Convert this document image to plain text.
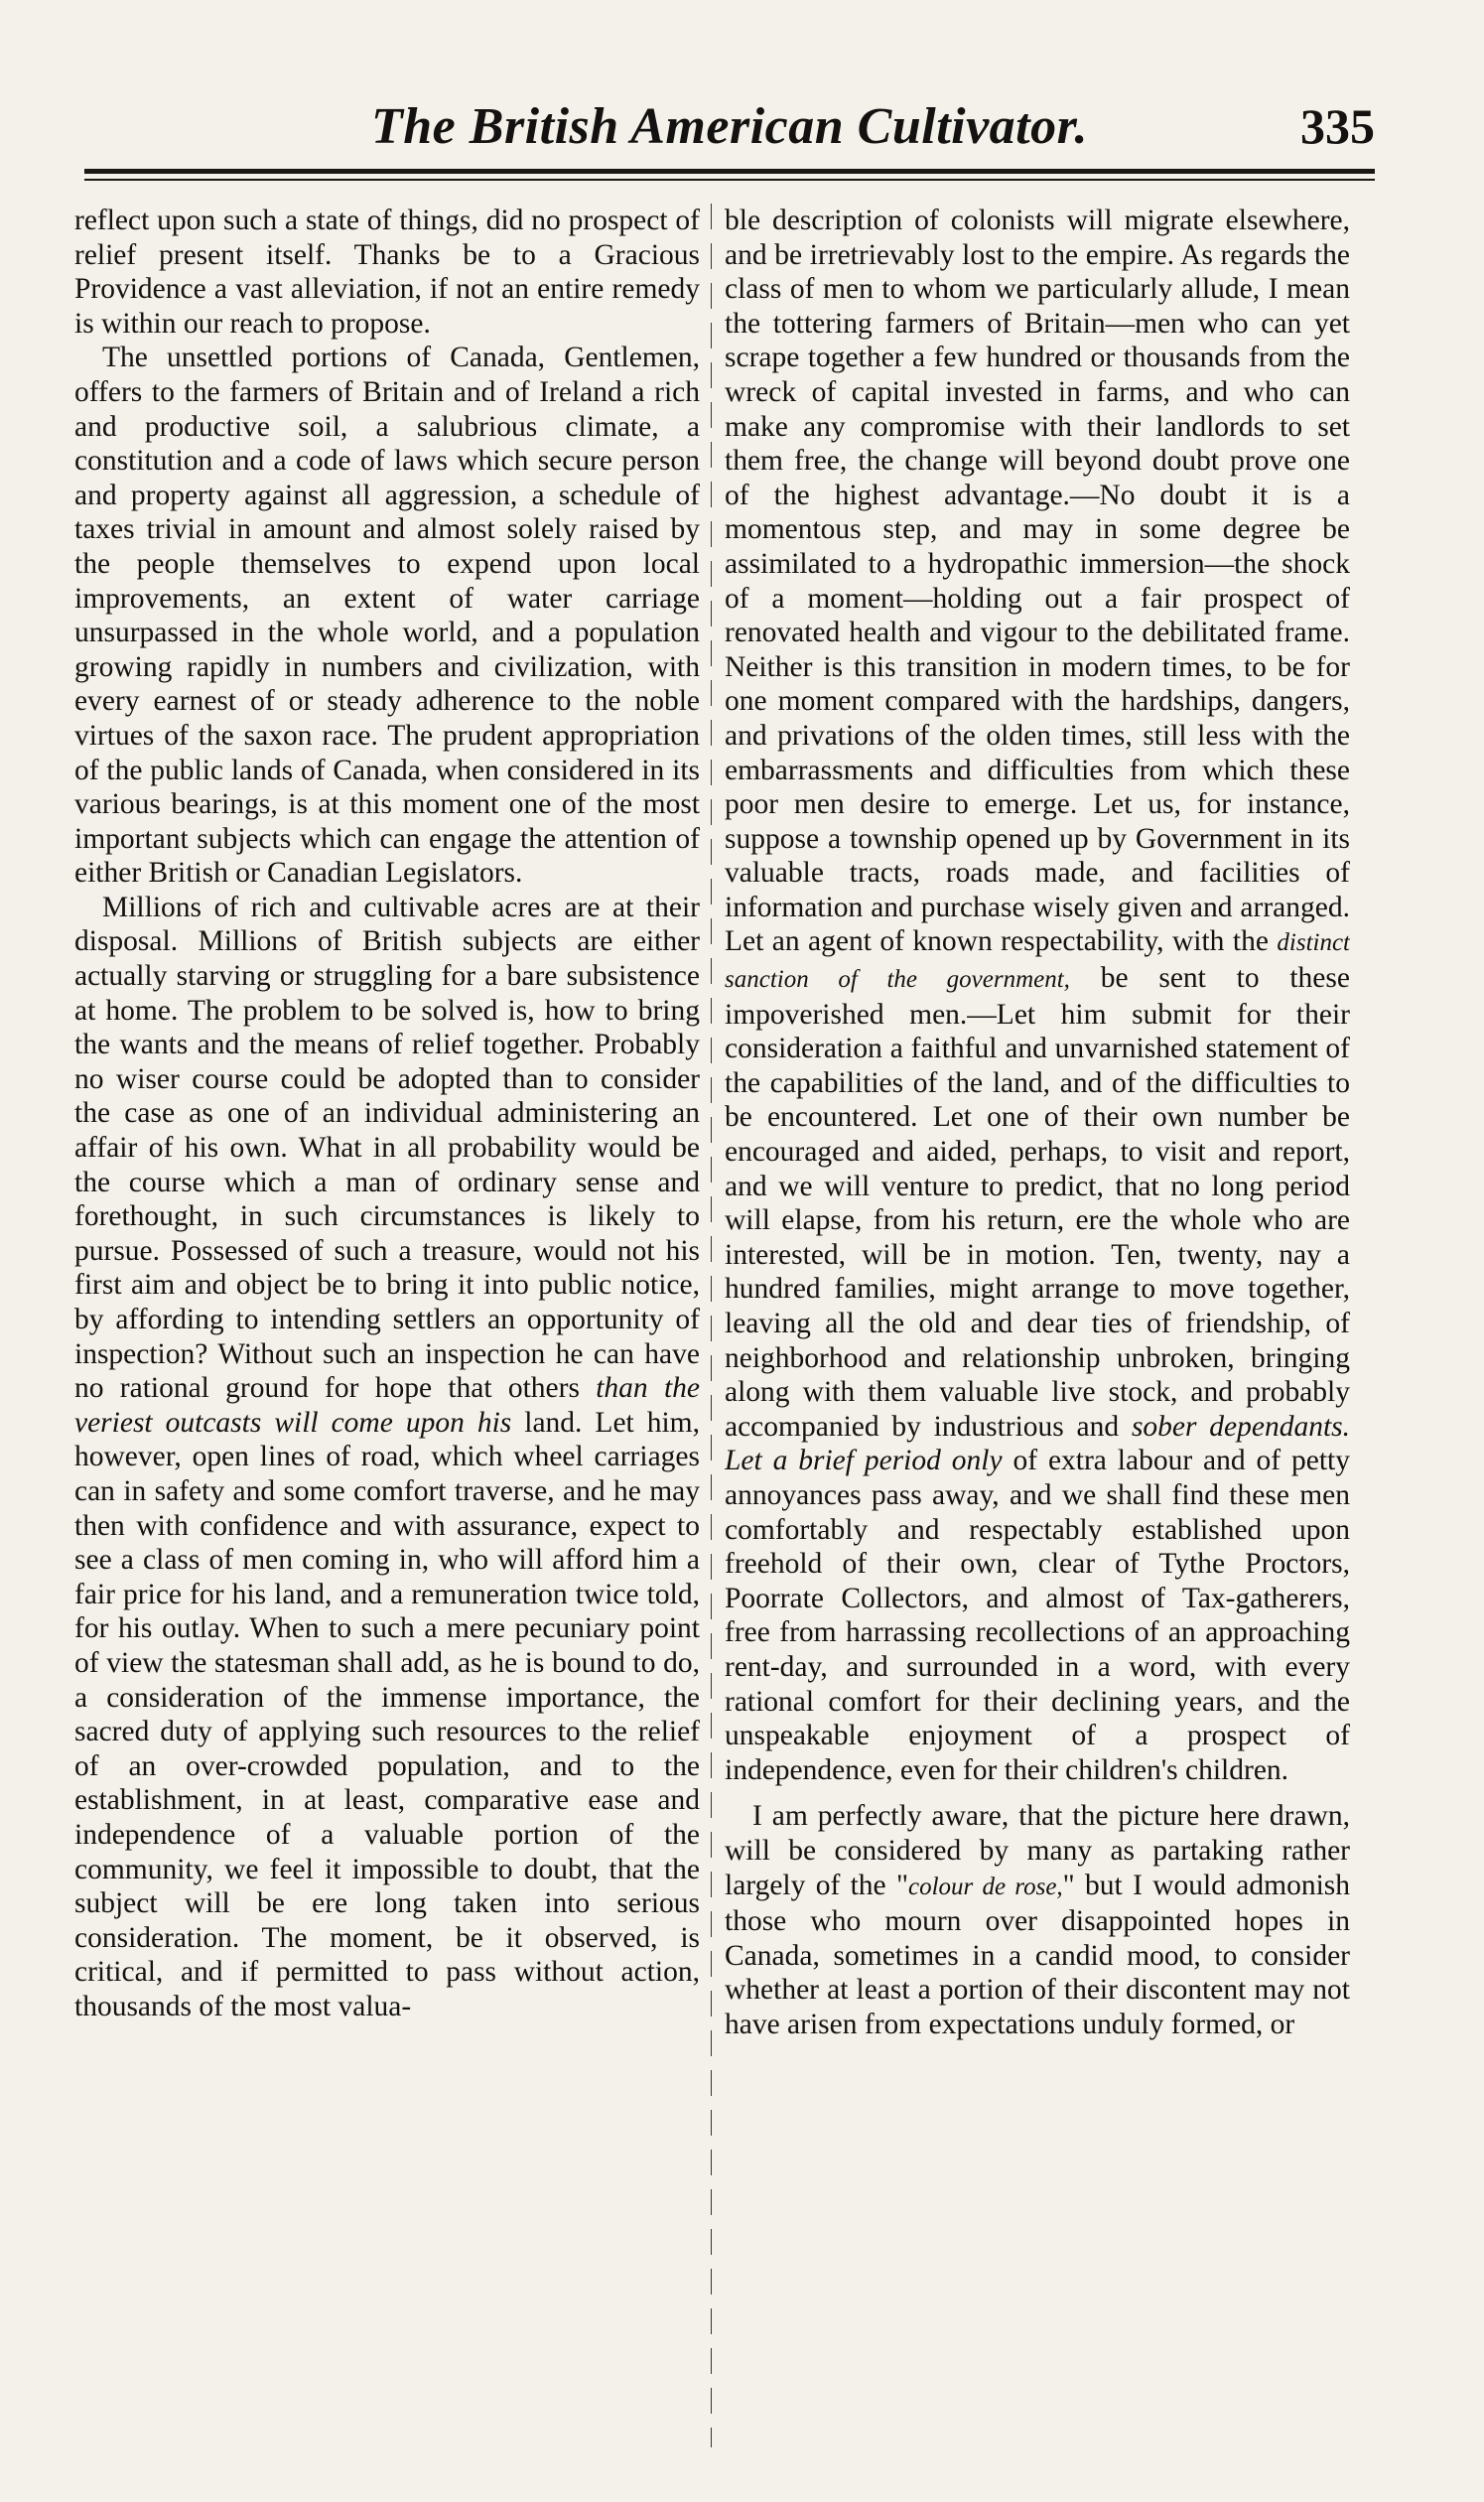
The British American Cultivator.	335

reflect upon such a state of things, did no prospect of relief present itself. Thanks be to a Gracious Providence a vast alleviation, if not an entire remedy is within our reach to propose.

The unsettled portions of Canada, Gentlemen, offers to the farmers of Britain and of Ireland a rich and productive soil, a salubrious climate, a constitution and a code of laws which secure person and property against all aggression, a schedule of taxes trivial in amount and almost solely raised by the people themselves to expend upon local improvements, an extent of water carriage unsurpassed in the whole world, and a population growing rapidly in numbers and civilization, with every earnest of or steady adherence to the noble virtues of the saxon race. The prudent appropriation of the public lands of Canada, when considered in its various bearings, is at this moment one of the most important subjects which can engage the attention of either British or Canadian Legislators.

Millions of rich and cultivable acres are at their disposal. Millions of British subjects are either actually starving or struggling for a bare subsistence at home. The problem to be solved is, how to bring the wants and the means of relief together. Probably no wiser course could be adopted than to consider the case as one of an individual administering an affair of his own. What in all probability would be the course which a man of ordinary sense and forethought, in such circumstances is likely to pursue. Possessed of such a treasure, would not his first aim and object be to bring it into public notice, by affording to intending settlers an opportunity of inspection? Without such an inspection he can have no rational ground for hope that others than the veriest outcasts will come upon his land. Let him, however, open lines of road, which wheel carriages can in safety and some comfort traverse, and he may then with confidence and with assurance, expect to see a class of men coming in, who will afford him a fair price for his land, and a remuneration twice told, for his outlay. When to such a mere pecuniary point of view the statesman shall add, as he is bound to do, a consideration of the immense importance, the sacred duty of applying such resources to the relief of an over-crowded population, and to the establishment, in at least, comparative ease and independence of a valuable portion of the community, we feel it impossible to doubt, that the subject will be ere long taken into serious consideration. The moment, be it observed, is critical, and if permitted to pass without action, thousands of the most valua-

ble description of colonists will migrate elsewhere, and be irretrievably lost to the empire. As regards the class of men to whom we particularly allude, I mean the tottering farmers of Britain—men who can yet scrape together a few hundred or thousands from the wreck of capital invested in farms, and who can make any compromise with their landlords to set them free, the change will beyond doubt prove one of the highest advantage.—No doubt it is a momentous step, and may in some degree be assimilated to a hydropathic immersion—the shock of a moment—holding out a fair prospect of renovated health and vigour to the debilitated frame. Neither is this transition in modern times, to be for one moment compared with the hardships, dangers, and privations of the olden times, still less with the embarrassments and difficulties from which these poor men desire to emerge. Let us, for instance, suppose a township opened up by Government in its valuable tracts, roads made, and facilities of information and purchase wisely given and arranged. Let an agent of known respectability, with the distinct sanction of the government, be sent to these impoverished men.—Let him submit for their consideration a faithful and unvarnished statement of the capabilities of the land, and of the difficulties to be encountered. Let one of their own number be encouraged and aided, perhaps, to visit and report, and we will venture to predict, that no long period will elapse, from his return, ere the whole who are interested, will be in motion. Ten, twenty, nay a hundred families, might arrange to move together, leaving all the old and dear ties of friendship, of neighborhood and relationship unbroken, bringing along with them valuable live stock, and probably accompanied by industrious and sober dependants. Let a brief period only of extra labour and of petty annoyances pass away, and we shall find these men comfortably and respectably established upon freehold of their own, clear of Tythe Proctors, Poorrate Collectors, and almost of Tax-gatherers, free from harrassing recollections of an approaching rent-day, and surrounded in a word, with every rational comfort for their declining years, and the unspeakable enjoyment of a prospect of independence, even for their children's children.

I am perfectly aware, that the picture here drawn, will be considered by many as partaking rather largely of the "colour de rose," but I would admonish those who mourn over disappointed hopes in Canada, sometimes in a candid mood, to consider whether at least a portion of their discontent may not have arisen from expectations unduly formed, or
